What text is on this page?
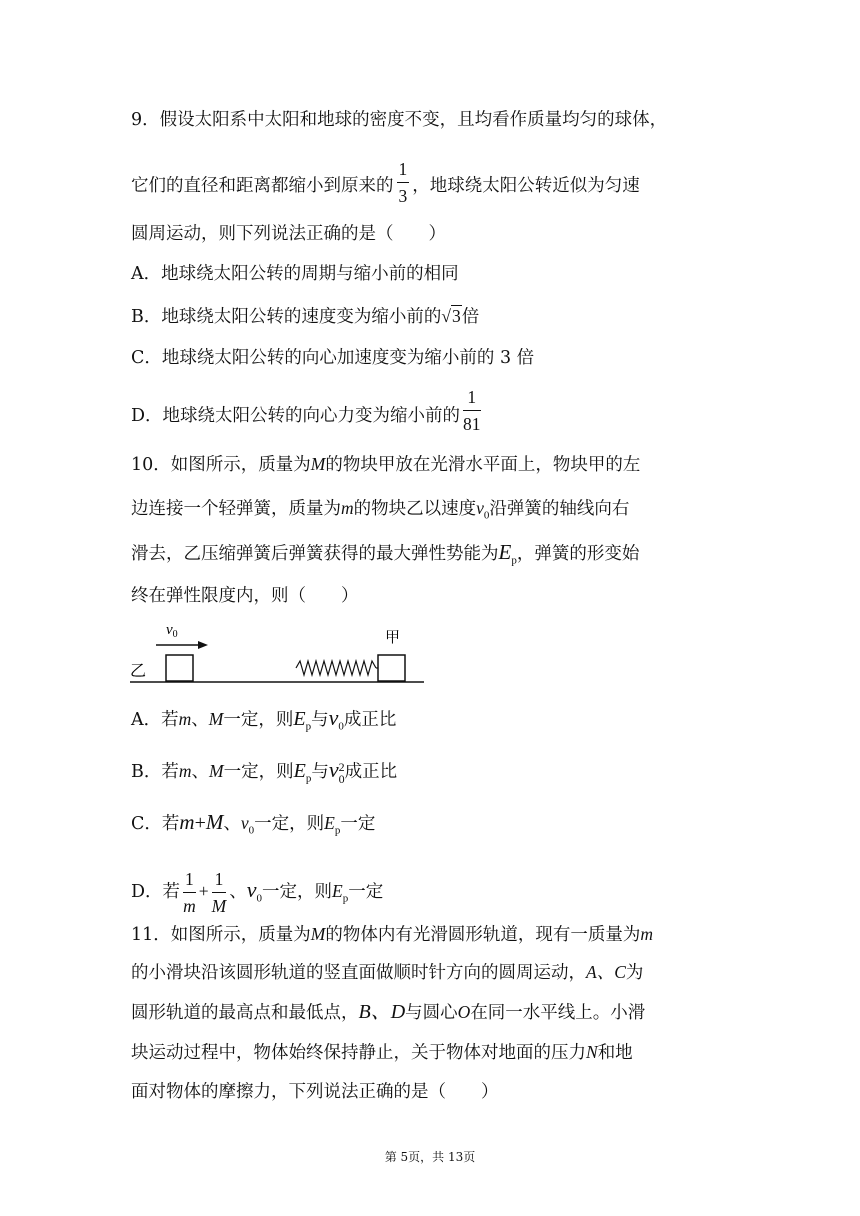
9．假设太阳系中太阳和地球的密度不变，且均看作质量均匀的球体，
它们的直径和距离都缩小到原来的 $\frac{1}{3}$ ，地球绕太阳公转近似为匀速
圆周运动，则下列说法正确的是（　　）
A．地球绕太阳公转的周期与缩小前的相同
B．地球绕太阳公转的速度变为缩小前的√3倍
C．地球绕太阳公转的向心加速度变为缩小前的 3 倍
D．地球绕太阳公转的向心力变为缩小前的 $\frac{1}{81}$
10．如图所示，质量为M的物块甲放在光滑水平面上，物块甲的左
边连接一个轻弹簧，质量为m的物块乙以速度$v_0$沿弹簧的轴线向右
滑去，乙压缩弹簧后弹簧获得的最大弹性势能为$E_p$，弹簧的形变始
终在弹性限度内，则（　　）
$v_0$
乙
甲
A．若m、M一定，则$E_p$与$v_0$成正比
B．若m、M一定，则$E_p$与v 2
0 成正比
C．若m+M、$v_0$一定，则$E_p$一定
D．若 $\frac{1}{m} + \frac{1}{M}$ 、$v_0$一定，则$E_p$一定
11．如图所示，质量为M的物体内有光滑圆形轨道，现有一质量为m
的小滑块沿该圆形轨道的竖直面做顺时针方向的圆周运动，A、C为
圆形轨道的最高点和最低点，B、D与圆心O在同一水平线上。小滑
块运动过程中，物体始终保持静止，关于物体对地面的压力N和地
面对物体的摩擦力，下列说法正确的是（　　）
第 5页，共 13页
